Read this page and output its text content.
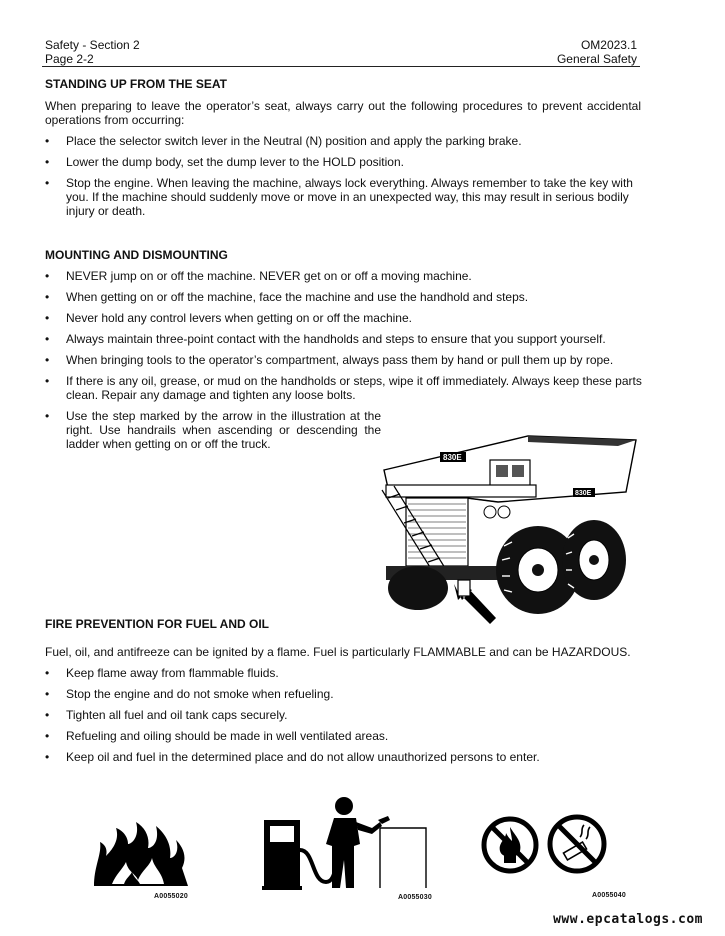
Safety - Section 2
Page 2-2
OM2023.1
General Safety
STANDING UP FROM THE SEAT
When preparing to leave the operator’s seat, always carry out the following procedures to prevent accidental operations from occurring:
• Place the selector switch lever in the Neutral (N) position and apply the parking brake.
• Lower the dump body, set the dump lever to the HOLD position.
• Stop the engine. When leaving the machine, always lock everything. Always remember to take the key with you. If the machine should suddenly move or move in an unexpected way, this may result in serious bodily injury or death.
MOUNTING AND DISMOUNTING
• NEVER jump on or off the machine. NEVER get on or off a moving machine.
• When getting on or off the machine, face the machine and use the handhold and steps.
• Never hold any control levers when getting on or off the machine.
• Always maintain three-point contact with the handholds and steps to ensure that you support yourself.
• When bringing tools to the operator’s compartment, always pass them by hand or pull them up by rope.
• If there is any oil, grease, or mud on the handholds or steps, wipe it off immediately. Always keep these parts clean. Repair any damage and tighten any loose bolts.
• Use the step marked by the arrow in the illustration at the right. Use handrails when ascending or descending the ladder when getting on or off the truck.
830E
830E
FIRE PREVENTION FOR FUEL AND OIL
Fuel, oil, and antifreeze can be ignited by a flame. Fuel is particularly FLAMMABLE and can be HAZARDOUS.
• Keep flame away from flammable fluids.
• Stop the engine and do not smoke when refueling.
• Tighten all fuel and oil tank caps securely.
• Refueling and oiling should be made in well ventilated areas.
• Keep oil and fuel in the determined place and do not allow unauthorized persons to enter.
A0055020	A0055030	A0055040
www.epcatalogs.com
